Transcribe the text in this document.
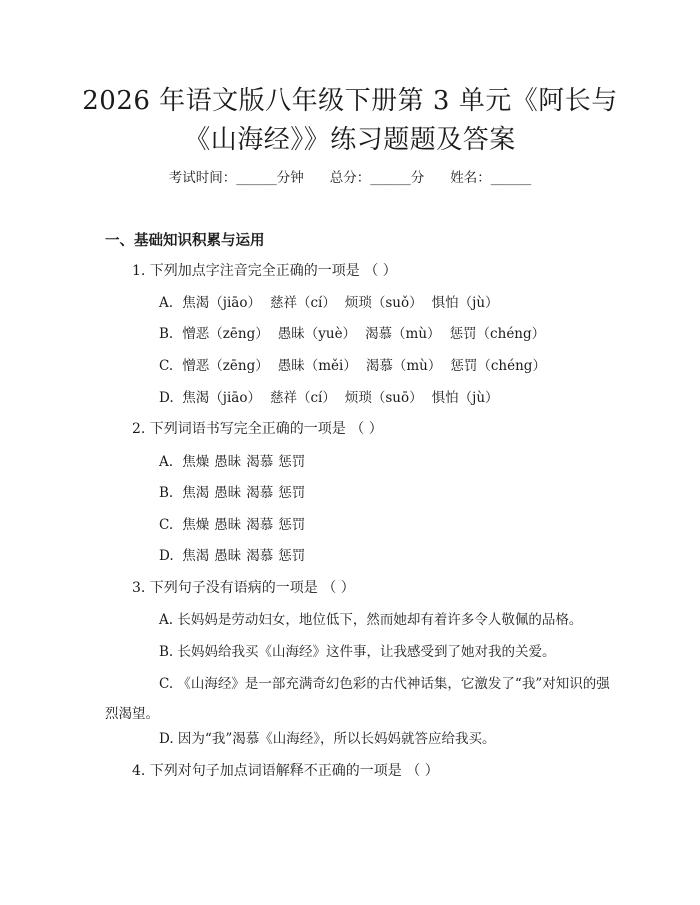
2026 年语文版八年级下册第 3 单元《阿长与
《山海经》》练习题题及答案
考试时间：______分钟 总分：______分 姓名：______
一、基础知识积累与运用
1. 下列加点字注音完全正确的一项是 （ ）
A. 焦渴（jiāo） 慈祥（cí） 烦琐（suǒ） 惧怕（jù）
B. 憎恶（zēng） 愚昧（yuè） 渴慕（mù） 惩罚（chéng）
C. 憎恶（zēng） 愚昧（měi） 渴慕（mù） 惩罚（chéng）
D. 焦渴（jiāo） 慈祥（cí） 烦琐（suō） 惧怕（jù）
2. 下列词语书写完全正确的一项是 （ ）
A. 焦燥 愚昧 渴慕 惩罚
B. 焦渴 愚昧 渴慕 惩罚
C. 焦燥 愚昧 渴慕 惩罚
D. 焦渴 愚昧 渴慕 惩罚
3. 下列句子没有语病的一项是 （ ）
A. 长妈妈是劳动妇女，地位低下，然而她却有着许多令人敬佩的品格。
B. 长妈妈给我买《山海经》这件事，让我感受到了她对我的关爱。
C. 《山海经》是一部充满奇幻色彩的古代神话集，它激发了“我”对知识的强烈渴望。
D. 因为“我”渴慕《山海经》，所以长妈妈就答应给我买。
4. 下列对句子加点词语解释不正确的一项是 （ ）
